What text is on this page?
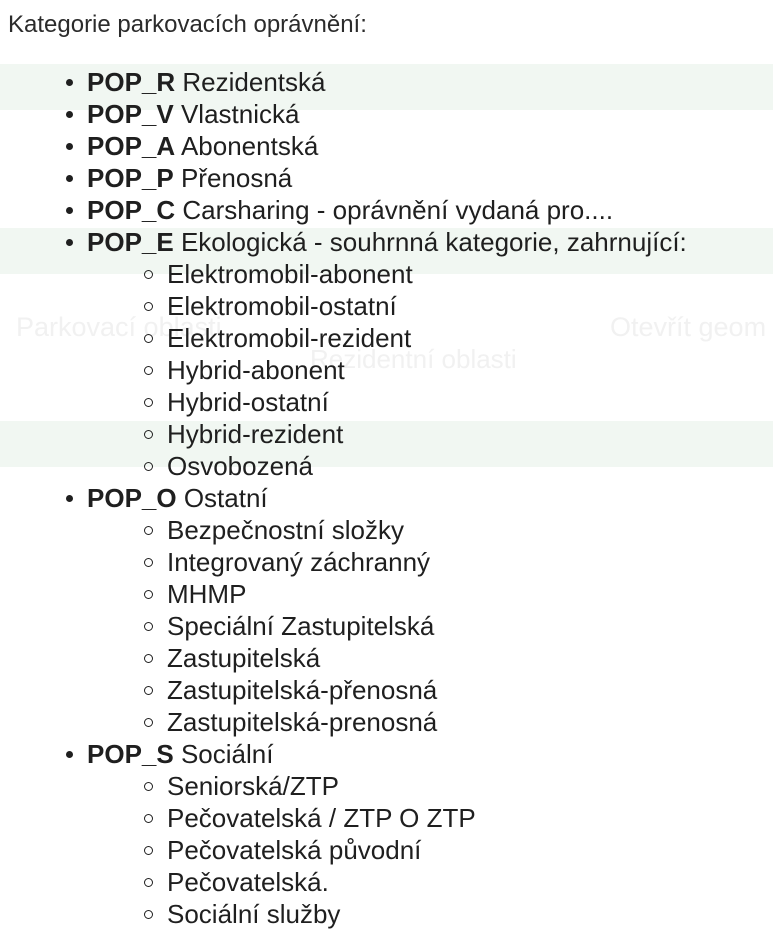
Parkovací oblasti	Otevřít geom
Rezidentní oblasti
Kategorie parkovacích oprávnění:
POP_R Rezidentská
POP_V Vlastnická
POP_A Abonentská
POP_P Přenosná
POP_C Carsharing - oprávnění vydaná pro....
POP_E Ekologická - souhrnná kategorie, zahrnující:
Elektromobil-abonent
Elektromobil-ostatní
Elektromobil-rezident
Hybrid-abonent
Hybrid-ostatní
Hybrid-rezident
Osvobozená
POP_O Ostatní
Bezpečnostní složky
Integrovaný záchranný
MHMP
Speciální Zastupitelská
Zastupitelská
Zastupitelská-přenosná
Zastupitelská-prenosná
POP_S Sociální
Seniorská/ZTP
Pečovatelská / ZTP O ZTP
Pečovatelská původní
Pečovatelská.
Sociální služby
